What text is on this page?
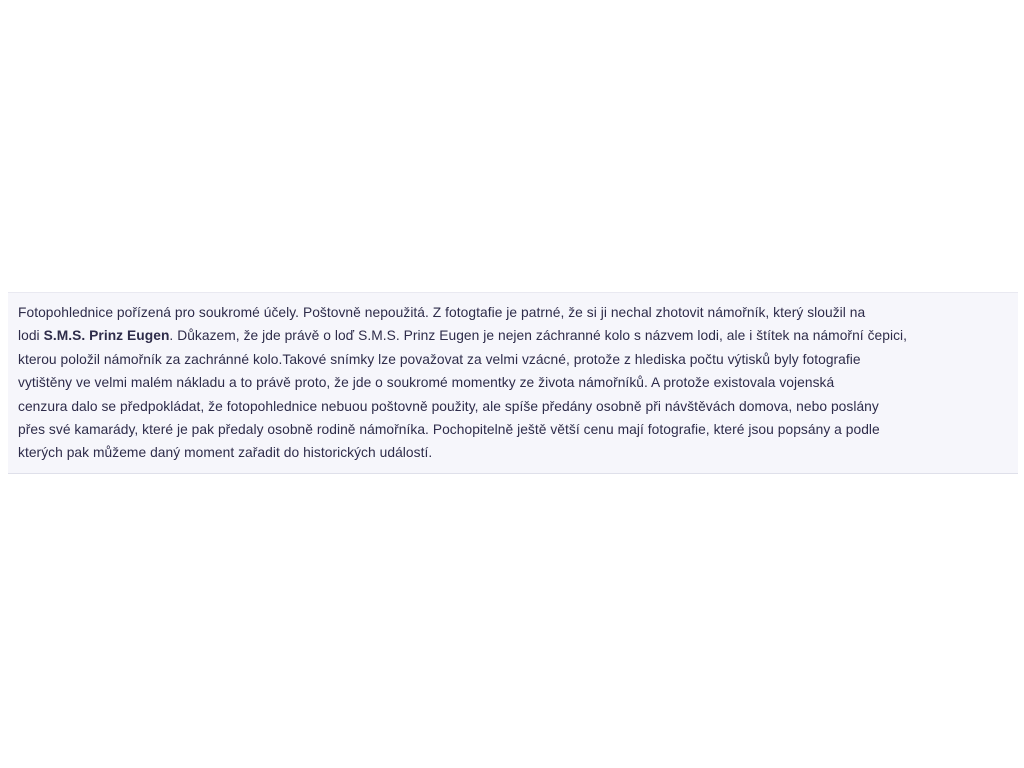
Fotopohlednice pořízená pro soukromé účely. Poštovně nepoužitá. Z fotogtafie je patrné, že si ji nechal zhotovit námořník, který sloužil na
lodi S.M.S. Prinz Eugen. Důkazem, že jde právě o loď S.M.S. Prinz Eugen je nejen záchranné kolo s názvem lodi, ale i štítek na námořní čepici,
kterou položil námořník za zachránné kolo.Takové snímky lze považovat za velmi vzácné, protože z hlediska počtu výtisků byly fotografie
vytištěny ve velmi malém nákladu a to právě proto, že jde o soukromé momentky ze života námořníků. A protože existovala vojenská
cenzura dalo se předpokládat, že fotopohlednice nebuou poštovně použity, ale spíše předány osobně při návštěvách domova, nebo poslány
přes své kamarády, které je pak předaly osobně rodině námořníka. Pochopitelně ještě větší cenu mají fotografie, které jsou popsány a podle
kterých pak můžeme daný moment zařadit do historických událostí.
